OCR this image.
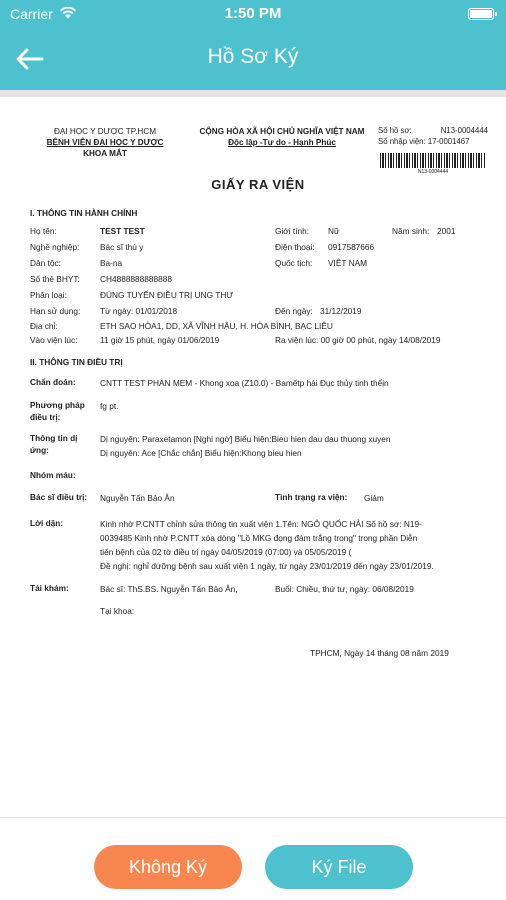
Carrier	1:50 PM
Hồ Sơ Ký
ĐẠI HỌC Y DƯỢC TP.HCM
BỆNH VIỆN ĐẠI HỌC Y DƯỢC
KHOA MẮT
CỘNG HÒA XÃ HỘI CHỦ NGHĨA VIỆT NAM
Độc lập -Tự do - Hạnh Phúc
Số hồ sơ:	N13-0004444
Số nhập viện: 17-0001467
N13-0004444
GIẤY RA VIỆN
I. THÔNG TIN HÀNH CHÍNH
Họ tên:	TEST TEST	Giới tính: Nữ	Năm sinh: 2001
Nghề nghiệp: Bác sĩ thú y	Điện thoại: 0917587666
Dân tộc:	Ba-na	Quốc tịch: VIỆT NAM
Số thẻ BHYT: CH4888888888888
Phân loại:	ĐÚNG TUYẾN ĐIỀU TRỊ UNG THƯ
Hạn sử dụng: Từ ngày: 01/01/2018	Đến ngày: 31/12/2019
Địa chỉ:	ETH SAO HÒA1, DD, XÃ VĨNH HẬU, H. HÒA BÌNH, BẠC LIÊU
Vào viện lúc:	11 giờ 15 phút, ngày 01/06/2019	Ra viện lúc: 00 giờ 00 phút, ngày 14/08/2019
II. THÔNG TIN ĐIỀU TRỊ
Chẩn đoán:	CNTT TEST PHAN MEM - Khong xoa (Z10.0) - Bamếtp hải Đục thủy tinh thểịn
Phương pháp
điều trị:
fg pt.
Thông tin dị
ứng:
Dị nguyên: Paraxetamon [Nghi ngờ] Biểu hiện:Bieu hien dau dau thuong xuyen
Dị nguyên: Ace [Chắc chắn] Biểu hiện:Khong bieu hien
Nhóm máu:
Bác sĩ điều trị: Nguyễn Tấn Bảo Ân	Tình trạng ra viện: Giảm
Lời dặn:	Kinh nhờ P.CNTT chỉnh sửa thông tin xuất viện 1.Tên: NGÔ QUỐC HẢI Số hồ sơ: N19-
0039485 Kinh nhờ P.CNTT xóa dòng "Lồ MKG đọng đám trắng trong" trong phần Diễn
tiến bệnh của 02 tờ điều trị ngày 04/05/2019 (07:00) và 05/05/2019 (
Đề nghị: nghỉ dưỡng bệnh sau xuất viện 1 ngày, từ ngày 23/01/2019 đến ngày 23/01/2019.
Tái khám:	Bác sĩ: ThS.BS. Nguyễn Tấn Bảo Ân,	Buổi: Chiều, thứ tư, ngày: 06/08/2019
Tại khoa:
TPHCM, Ngày 14 tháng 08 năm 2019
Không Ký	Ký File
